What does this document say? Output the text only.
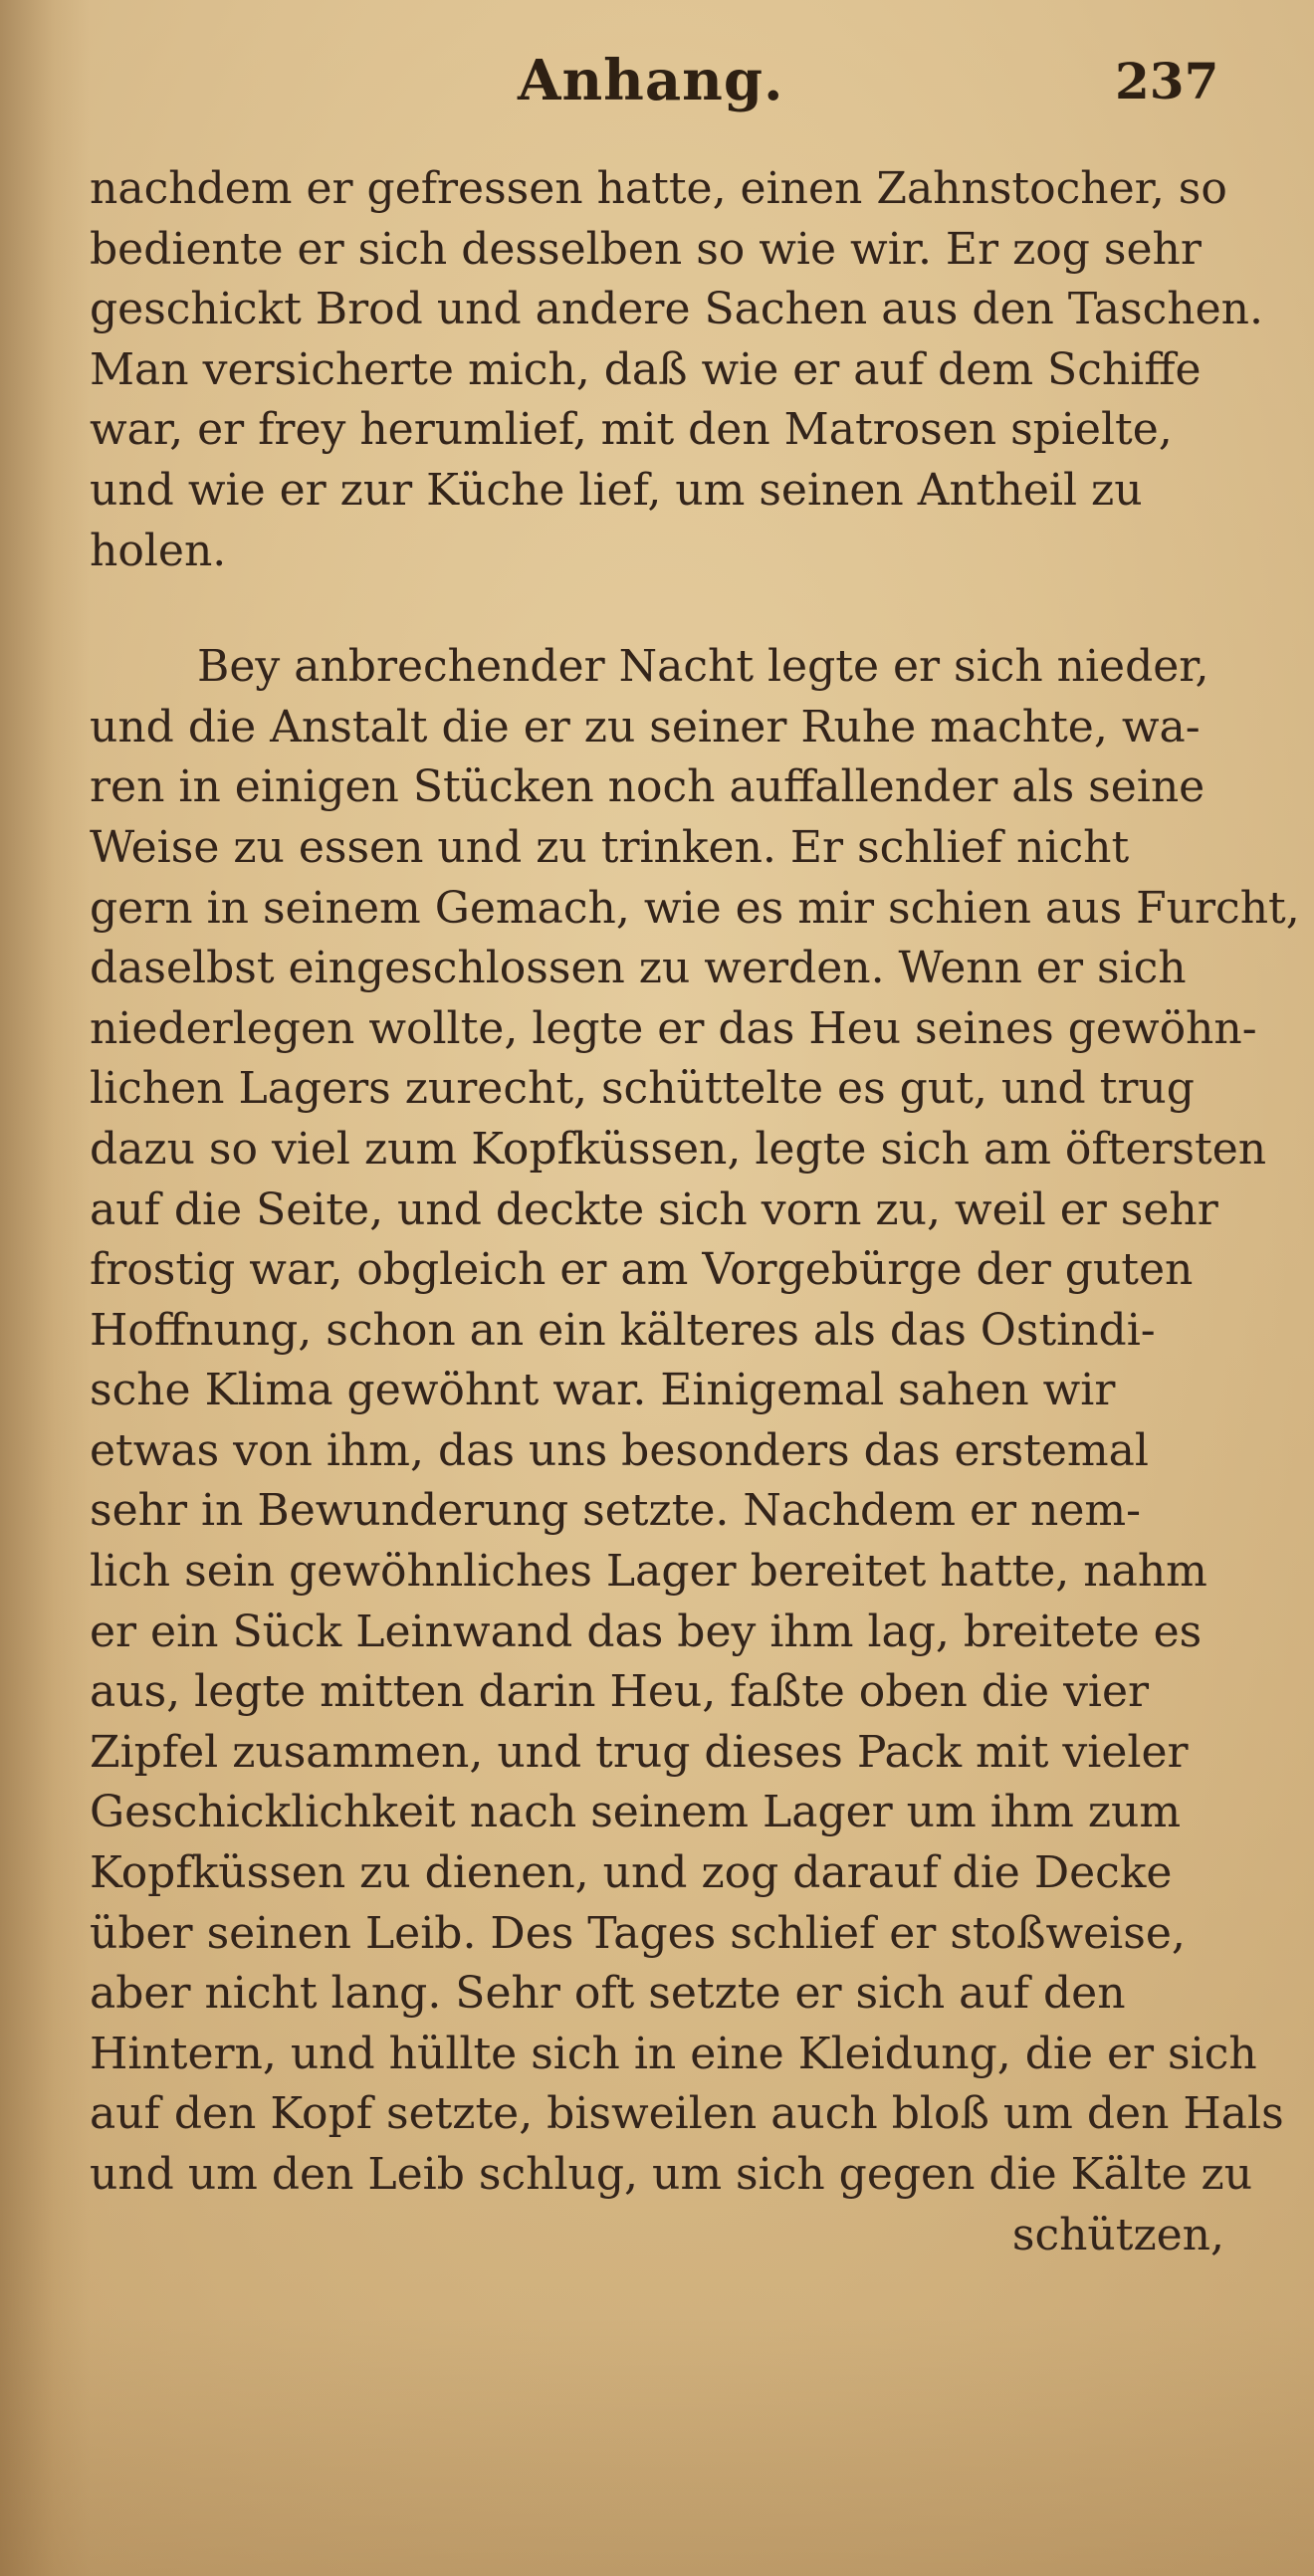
Anhang.	237
nachdem er gefressen hatte, einen Zahnstocher, so
bediente er sich desselben so wie wir. Er zog sehr
geschickt Brod und andere Sachen aus den Taschen.
Man versicherte mich, daß wie er auf dem Schiffe
war, er frey herumlief, mit den Matrosen spielte,
und wie er zur Küche lief, um seinen Antheil zu
holen.
Bey anbrechender Nacht legte er sich nieder,
und die Anstalt die er zu seiner Ruhe machte, wa-
ren in einigen Stücken noch auffallender als seine
Weise zu essen und zu trinken. Er schlief nicht
gern in seinem Gemach, wie es mir schien aus Furcht,
daselbst eingeschlossen zu werden. Wenn er sich
niederlegen wollte, legte er das Heu seines gewöhn-
lichen Lagers zurecht, schüttelte es gut, und trug
dazu so viel zum Kopfküssen, legte sich am öftersten
auf die Seite, und deckte sich vorn zu, weil er sehr
frostig war, obgleich er am Vorgebürge der guten
Hoffnung, schon an ein kälteres als das Ostindi-
sche Klima gewöhnt war. Einigemal sahen wir
etwas von ihm, das uns besonders das erstemal
sehr in Bewunderung setzte. Nachdem er nem-
lich sein gewöhnliches Lager bereitet hatte, nahm
er ein Sück Leinwand das bey ihm lag, breitete es
aus, legte mitten darin Heu, faßte oben die vier
Zipfel zusammen, und trug dieses Pack mit vieler
Geschicklichkeit nach seinem Lager um ihm zum
Kopfküssen zu dienen, und zog darauf die Decke
über seinen Leib. Des Tages schlief er stoßweise,
aber nicht lang. Sehr oft setzte er sich auf den
Hintern, und hüllte sich in eine Kleidung, die er sich
auf den Kopf setzte, bisweilen auch bloß um den Hals
und um den Leib schlug, um sich gegen die Kälte zu
schützen,
